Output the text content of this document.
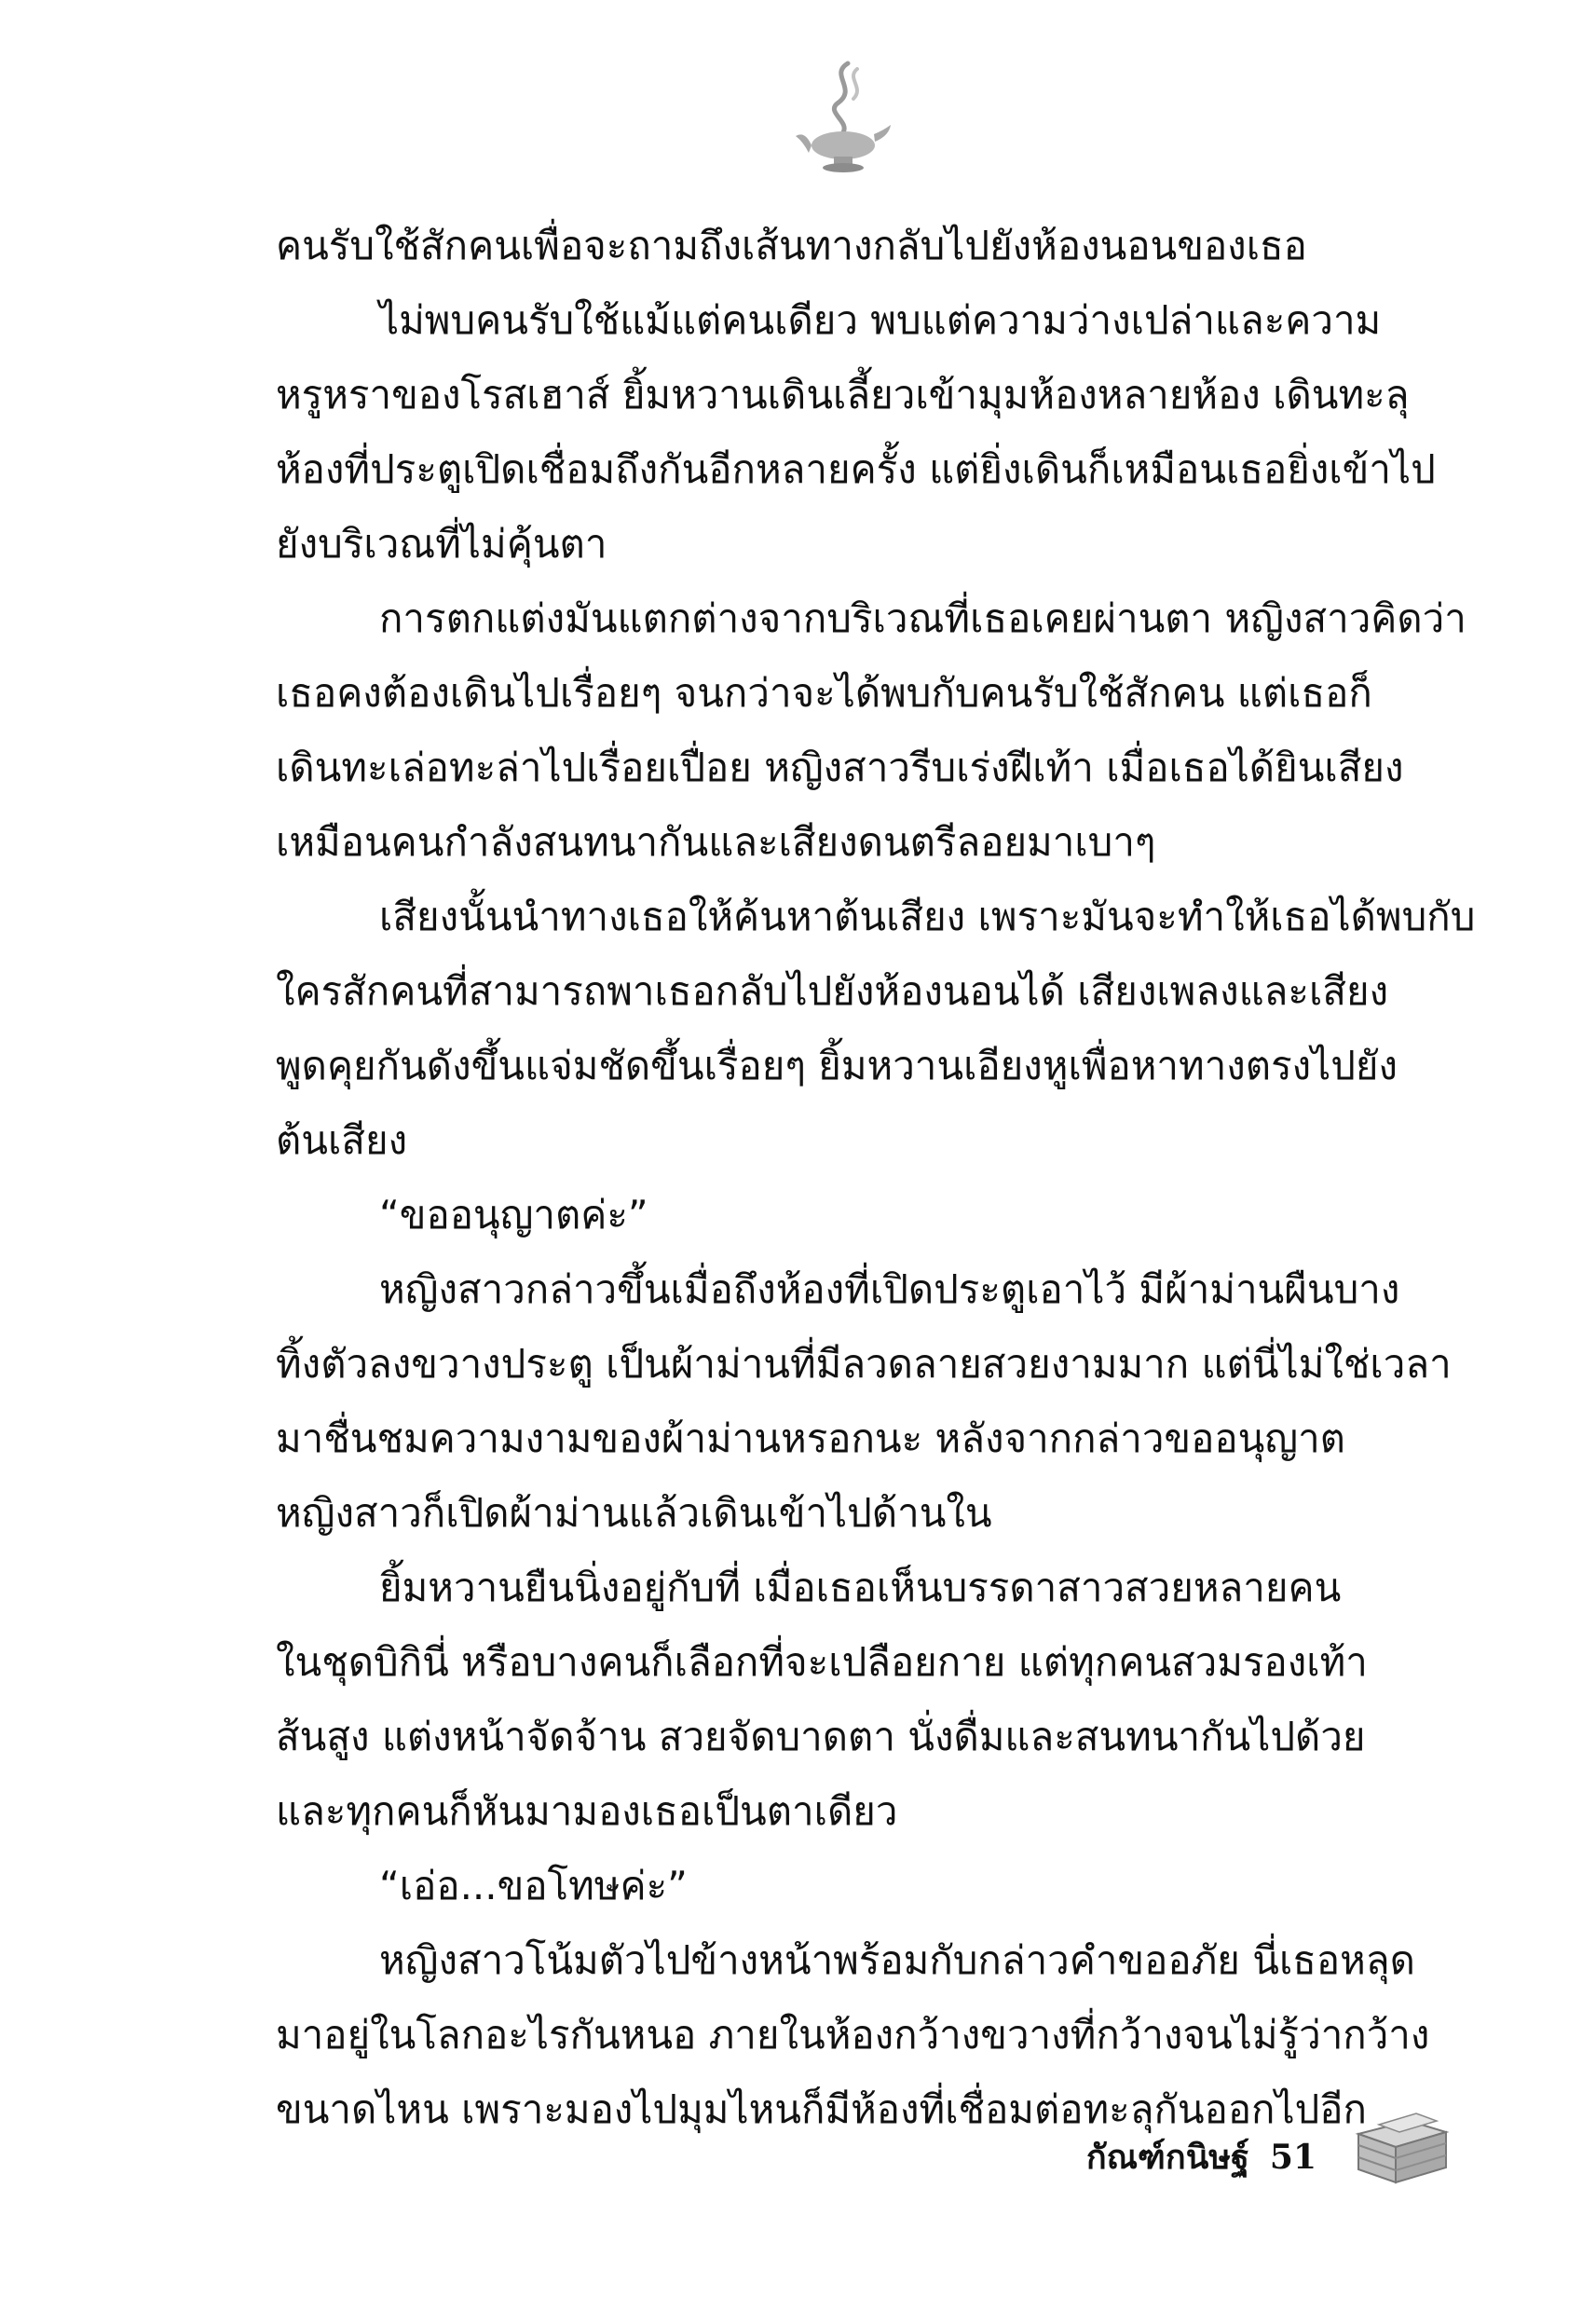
คนรับใช้สักคนเพื่อจะถามถึงเส้นทางกลับไปยังห้องนอนของเธอ
ไม่พบคนรับใช้แม้แต่คนเดียว พบแต่ความว่างเปล่าและความ
หรูหราของโรสเฮาส์ ยิ้มหวานเดินเลี้ยวเข้ามุมห้องหลายห้อง เดินทะลุ
ห้องที่ประตูเปิดเชื่อมถึงกันอีกหลายครั้ง แต่ยิ่งเดินก็เหมือนเธอยิ่งเข้าไป
ยังบริเวณที่ไม่คุ้นตา
การตกแต่งมันแตกต่างจากบริเวณที่เธอเคยผ่านตา หญิงสาวคิดว่า
เธอคงต้องเดินไปเรื่อยๆ จนกว่าจะได้พบกับคนรับใช้สักคน แต่เธอก็
เดินทะเล่อทะล่าไปเรื่อยเปื่อย หญิงสาวรีบเร่งฝีเท้า เมื่อเธอได้ยินเสียง
เหมือนคนกำลังสนทนากันและเสียงดนตรีลอยมาเบาๆ
เสียงนั้นนำทางเธอให้ค้นหาต้นเสียง เพราะมันจะทำให้เธอได้พบกับ
ใครสักคนที่สามารถพาเธอกลับไปยังห้องนอนได้ เสียงเพลงและเสียง
พูดคุยกันดังขึ้นแจ่มชัดขึ้นเรื่อยๆ ยิ้มหวานเอียงหูเพื่อหาทางตรงไปยัง
ต้นเสียง
“ขออนุญาตค่ะ”
หญิงสาวกล่าวขึ้นเมื่อถึงห้องที่เปิดประตูเอาไว้ มีผ้าม่านผืนบาง
ทิ้งตัวลงขวางประตู เป็นผ้าม่านที่มีลวดลายสวยงามมาก แต่นี่ไม่ใช่เวลา
มาชื่นชมความงามของผ้าม่านหรอกนะ หลังจากกล่าวขออนุญาต
หญิงสาวก็เปิดผ้าม่านแล้วเดินเข้าไปด้านใน
ยิ้มหวานยืนนิ่งอยู่กับที่ เมื่อเธอเห็นบรรดาสาวสวยหลายคน
ในชุดบิกินี่ หรือบางคนก็เลือกที่จะเปลือยกาย แต่ทุกคนสวมรองเท้า
ส้นสูง แต่งหน้าจัดจ้าน สวยจัดบาดตา นั่งดื่มและสนทนากันไปด้วย
และทุกคนก็หันมามองเธอเป็นตาเดียว
“เอ่อ...ขอโทษค่ะ”
หญิงสาวโน้มตัวไปข้างหน้าพร้อมกับกล่าวคำขออภัย นี่เธอหลุด
มาอยู่ในโลกอะไรกันหนอ ภายในห้องกว้างขวางที่กว้างจนไม่รู้ว่ากว้าง
ขนาดไหน เพราะมองไปมุมไหนก็มีห้องที่เชื่อมต่อทะลุกันออกไปอีก
กัณฑ์กนิษฐ์ 51
